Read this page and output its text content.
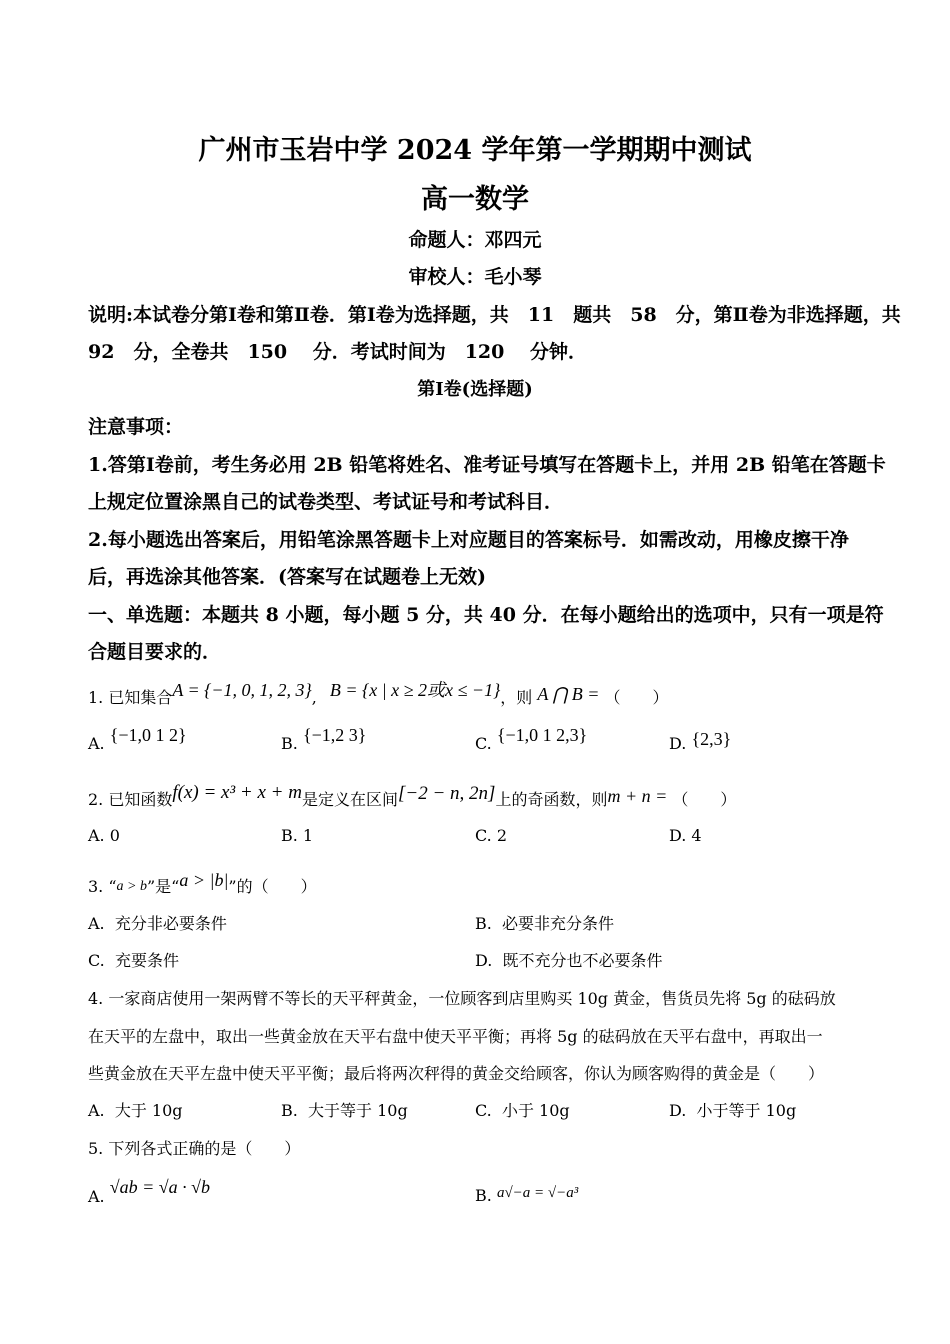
广州市玉岩中学 2024 学年第一学期期中测试
高一数学
命题人：邓四元
审校人：毛小琴
说明:本试卷分第Ⅰ卷和第Ⅱ卷．第Ⅰ卷为选择题，共　11　题共　58　分，第Ⅱ卷为非选择题，共
92　分，全卷共　150　 分．考试时间为　120　 分钟．
第Ⅰ卷(选择题)
注意事项：
1.答第Ⅰ卷前，考生务必用 2B 铅笔将姓名、准考证号填写在答题卡上，并用 2B 铅笔在答题卡
上规定位置涂黑自己的试卷类型、考试证号和考试科目．
2.每小题选出答案后，用铅笔涂黑答题卡上对应题目的答案标号．如需改动，用橡皮擦干净
后，再选涂其他答案．(答案写在试题卷上无效)
一、单选题：本题共 8 小题，每小题 5 分，共 40 分．在每小题给出的选项中，只有一项是符
合题目要求的．
1. 已知集合A = {−1, 0, 1, 2, 3}, B = {x | x ≥ 2或x ≤ −1}，则 A ⋂ B = （　　）
A. {−1,0 1 2}	B. {−1,2 3}	C. {−1,0 1 2,3}	D. {2,3}
2. 已知函数f(x) = x³ + x + m是定义在区间[−2 − n, 2n]上的奇函数，则m + n = （　　）
A. 0	B. 1	C. 2	D. 4
3. “a > b”是“a > |b|”的（　　）
A. 充分非必要条件	B. 必要非充分条件
C. 充要条件	D. 既不充分也不必要条件
4. 一家商店使用一架两臂不等长的天平秤黄金，一位顾客到店里购买 10g 黄金，售货员先将 5g 的砝码放
在天平的左盘中，取出一些黄金放在天平右盘中使天平平衡；再将 5g 的砝码放在天平右盘中，再取出一
些黄金放在天平左盘中使天平平衡；最后将两次秤得的黄金交给顾客，你认为顾客购得的黄金是（　　）
A. 大于 10g	B. 大于等于 10g	C. 小于 10g	D. 小于等于 10g
5. 下列各式正确的是（　　）
A. √ab = √a · √b	B. a√−a = √−a³
